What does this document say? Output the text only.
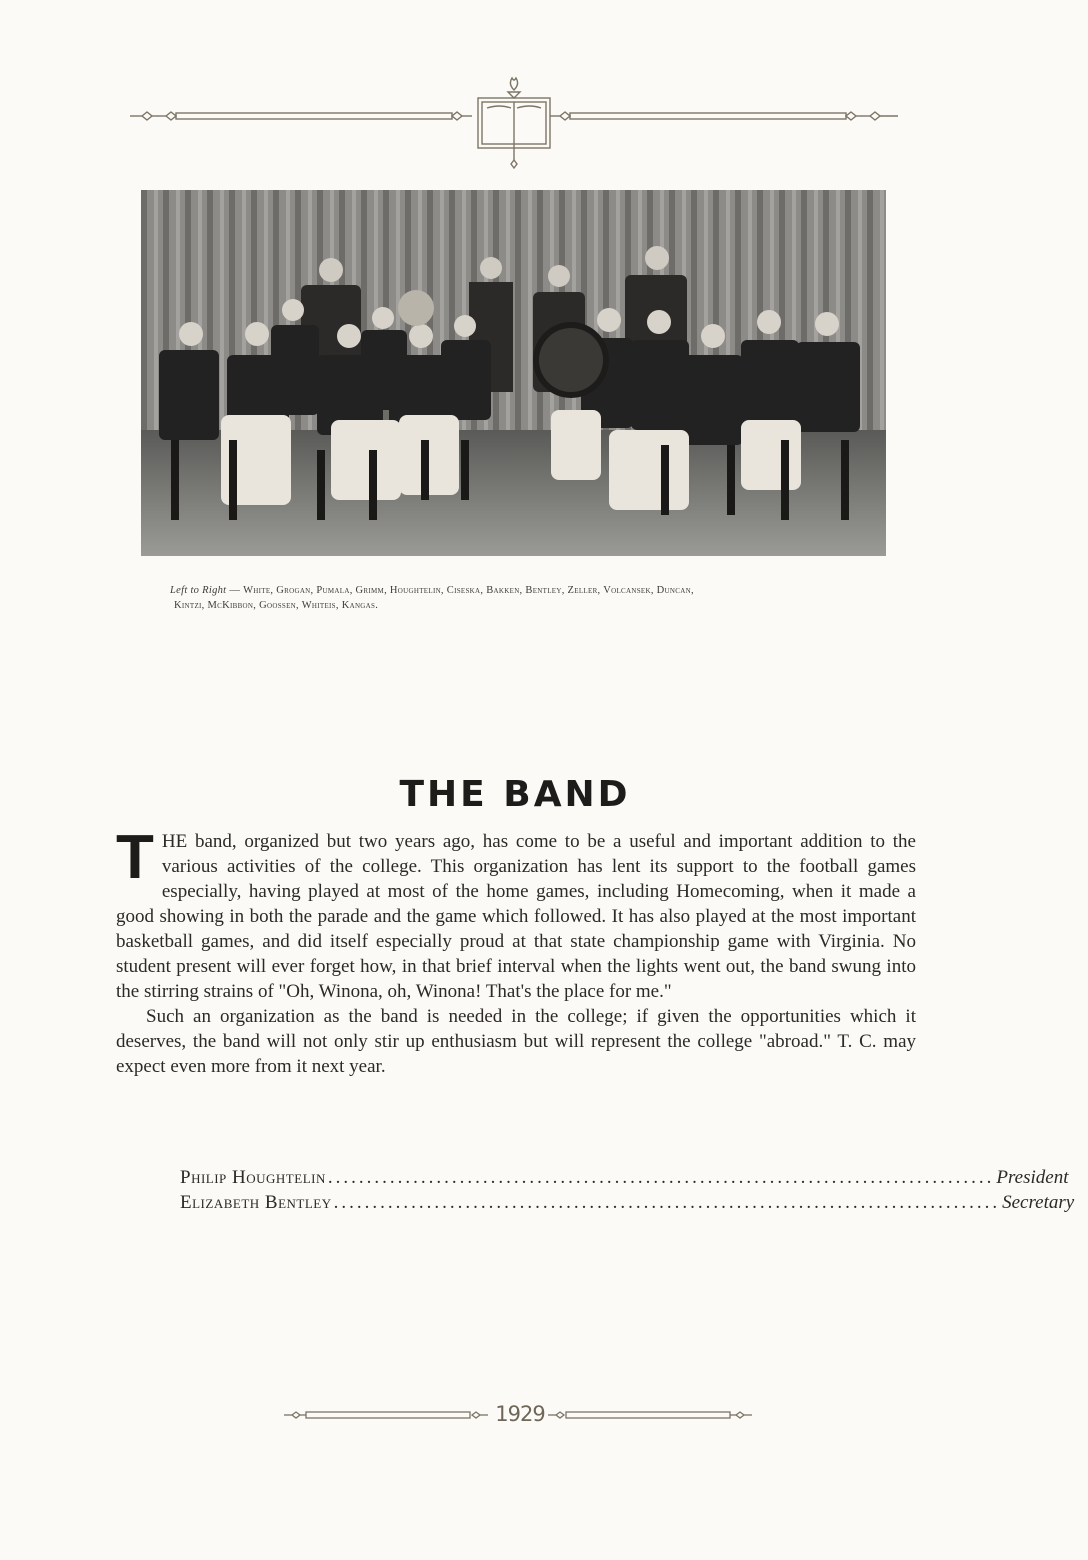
Left to Right — White, Grogan, Pumala, Grimm, Houghtelin, Ciseska, Bakken, Bentley, Zeller, Volcansek, Duncan,
Kintzi, McKibbon, Goossen, Whiteis, Kangas.
THE BAND

THE band, organized but two years ago, has come to be a useful and important addition to the various activities of the college. This organization has lent its support to the football games especially, having played at most of the home games, including Homecoming, when it made a good showing in both the parade and the game which followed. It has also played at the most important basketball games, and did itself especially proud at that state championship game with Virginia. No student present will ever forget how, in that brief interval when the lights went out, the band swung into the stirring strains of "Oh, Winona, oh, Winona! That's the place for me."

Such an organization as the band is needed in the college; if given the opportunities which it deserves, the band will not only stir up enthusiasm but will represent the college "abroad." T. C. may expect even more from it next year.

Philip Houghtelin ...................................................................................... President
Elizabeth Bentley ...................................................................................... Secretary
1929
